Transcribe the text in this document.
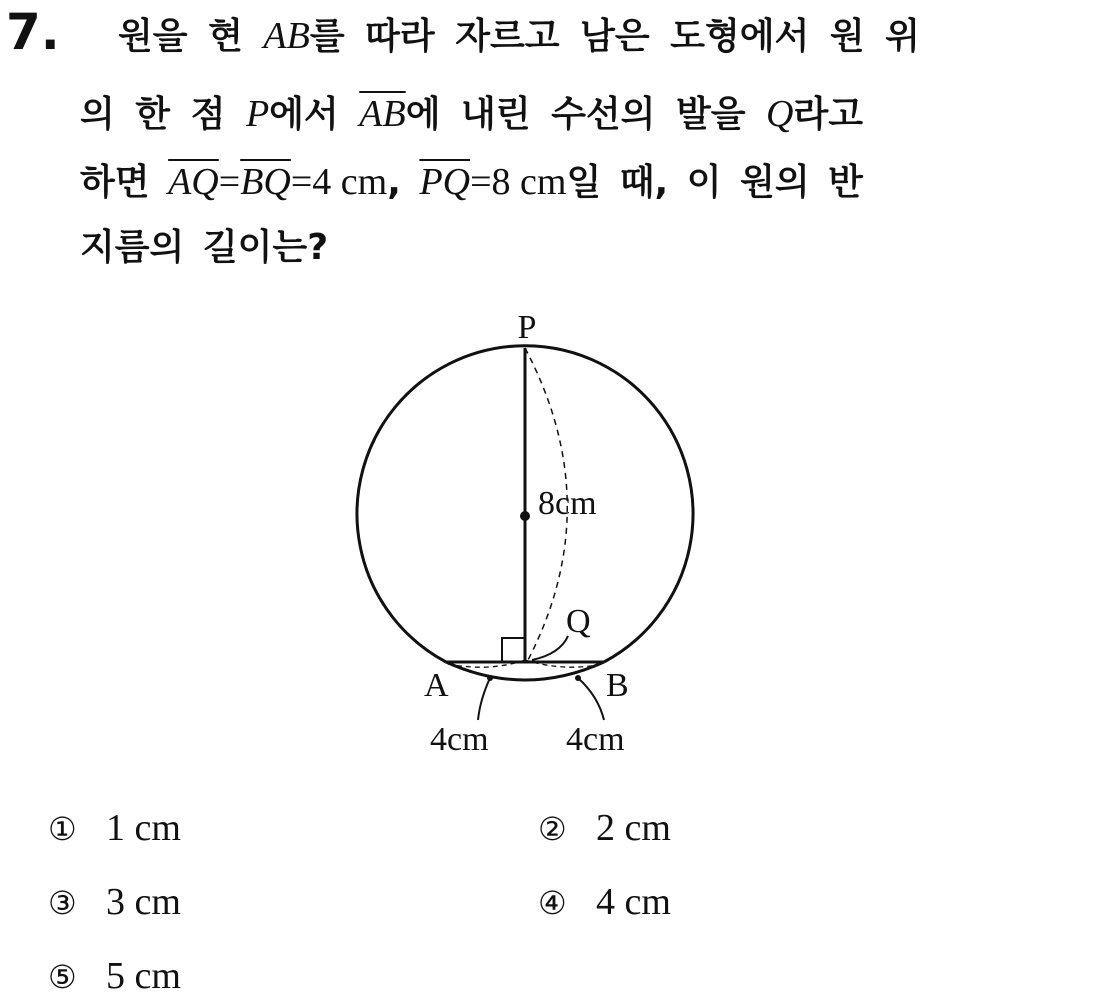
7. 원을 현 AB를 따라 자르고 남은 도형에서 원 위
의 한 점 P에서 $\overline{AB}$에 내린 수선의 발을 Q라고
하면 $\overline{AQ}=\overline{BQ}=4$ cm, $\overline{PQ}=8$ cm일 때, 이 원의 반
지름의 길이는?
P
8cm
Q
A	B
4cm 4cm
① 1 cm	② 2 cm
③ 3 cm	④ 4 cm
⑤ 5 cm
